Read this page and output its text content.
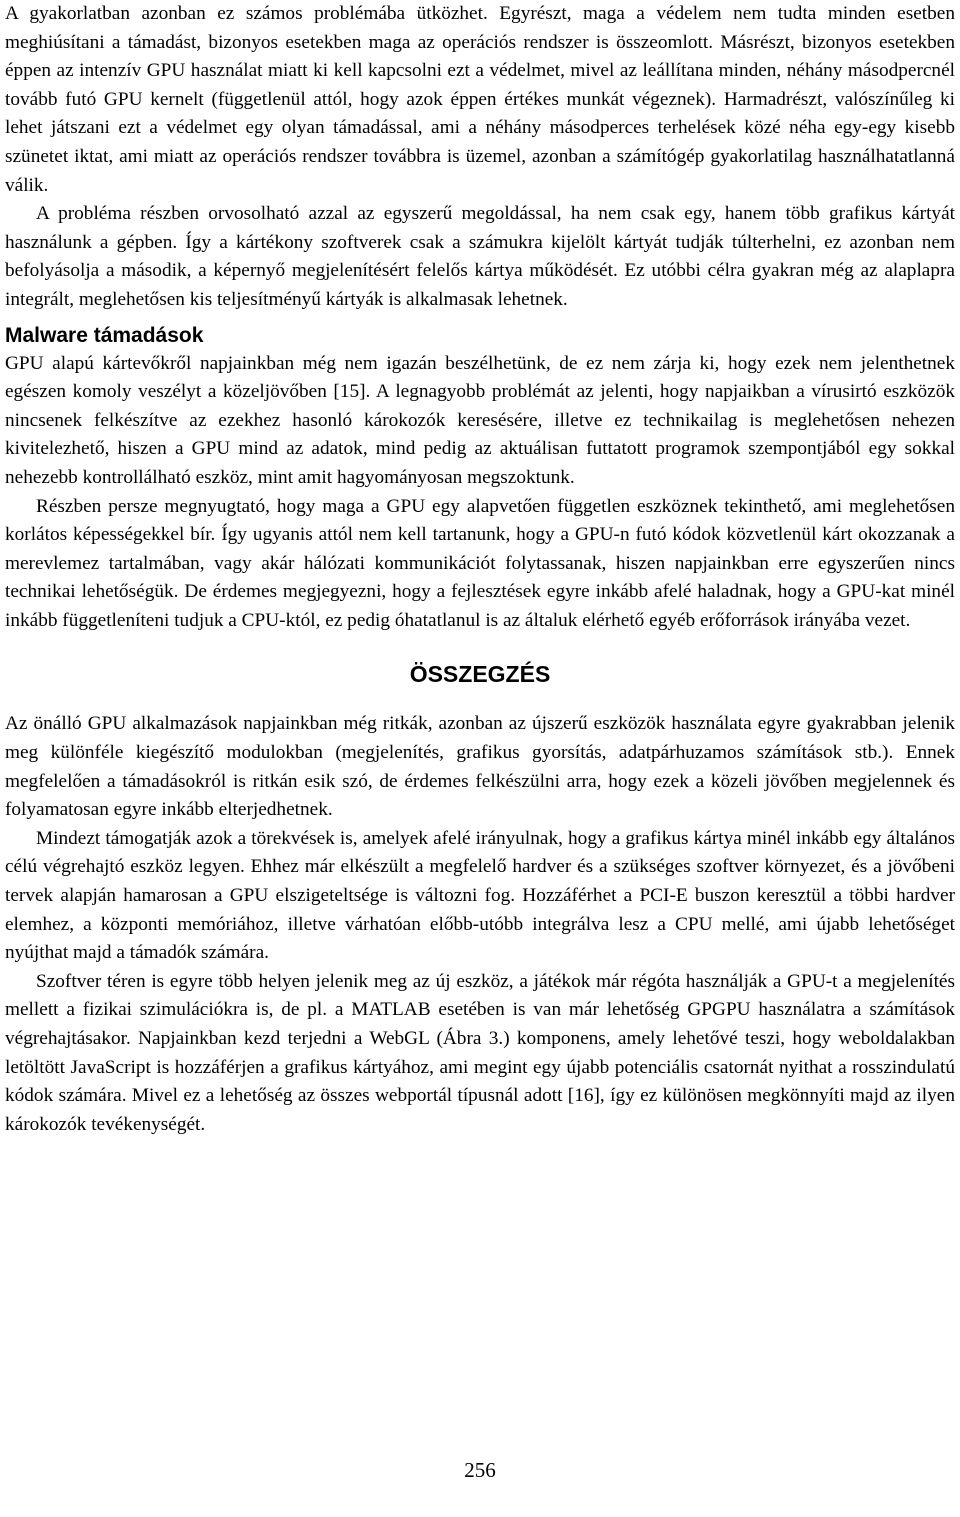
A gyakorlatban azonban ez számos problémába ütközhet. Egyrészt, maga a védelem nem tudta minden esetben meghiúsítani a támadást, bizonyos esetekben maga az operációs rendszer is összeomlott. Másrészt, bizonyos esetekben éppen az intenzív GPU használat miatt ki kell kapcsolni ezt a védelmet, mivel az leállítana minden, néhány másodpercnél tovább futó GPU kernelt (függetlenül attól, hogy azok éppen értékes munkát végeznek). Harmadrészt, valószínűleg ki lehet játszani ezt a védelmet egy olyan támadással, ami a néhány másodperces terhelések közé néha egy-egy kisebb szünetet iktat, ami miatt az operációs rendszer továbbra is üzemel, azonban a számítógép gyakorlatilag használhatatlanná válik.

A probléma részben orvosolható azzal az egyszerű megoldással, ha nem csak egy, hanem több grafikus kártyát használunk a gépben. Így a kártékony szoftverek csak a számukra kijelölt kártyát tudják túlterhelni, ez azonban nem befolyásolja a második, a képernyő megjelenítésért felelős kártya működését. Ez utóbbi célra gyakran még az alaplapra integrált, meglehetősen kis teljesítményű kártyák is alkalmasak lehetnek.

Malware támadások

GPU alapú kártevőkről napjainkban még nem igazán beszélhetünk, de ez nem zárja ki, hogy ezek nem jelenthetnek egészen komoly veszélyt a közeljövőben [15]. A legnagyobb problémát az jelenti, hogy napjaikban a vírusirtó eszközök nincsenek felkészítve az ezekhez hasonló károkozók keresésére, illetve ez technikailag is meglehetősen nehezen kivitelezhető, hiszen a GPU mind az adatok, mind pedig az aktuálisan futtatott programok szempontjából egy sokkal nehezebb kontrollálható eszköz, mint amit hagyományosan megszoktunk.

Részben persze megnyugtató, hogy maga a GPU egy alapvetően független eszköznek tekinthető, ami meglehetősen korlátos képességekkel bír. Így ugyanis attól nem kell tartanunk, hogy a GPU-n futó kódok közvetlenül kárt okozzanak a merevlemez tartalmában, vagy akár hálózati kommunikációt folytassanak, hiszen napjainkban erre egyszerűen nincs technikai lehetőségük. De érdemes megjegyezni, hogy a fejlesztések egyre inkább afelé haladnak, hogy a GPU-kat minél inkább függetleníteni tudjuk a CPU-któl, ez pedig óhatatlanul is az általuk elérhető egyéb erőforrások irányába vezet.

ÖSSZEGZÉS

Az önálló GPU alkalmazások napjainkban még ritkák, azonban az újszerű eszközök használata egyre gyakrabban jelenik meg különféle kiegészítő modulokban (megjelenítés, grafikus gyorsítás, adatpárhuzamos számítások stb.). Ennek megfelelően a támadásokról is ritkán esik szó, de érdemes felkészülni arra, hogy ezek a közeli jövőben megjelennek és folyamatosan egyre inkább elterjedhetnek.

Mindezt támogatják azok a törekvések is, amelyek afelé irányulnak, hogy a grafikus kártya minél inkább egy általános célú végrehajtó eszköz legyen. Ehhez már elkészült a megfelelő hardver és a szükséges szoftver környezet, és a jövőbeni tervek alapján hamarosan a GPU elszigeteltsége is változni fog. Hozzáférhet a PCI-E buszon keresztül a többi hardver elemhez, a központi memóriához, illetve várhatóan előbb-utóbb integrálva lesz a CPU mellé, ami újabb lehetőséget nyújthat majd a támadók számára.

Szoftver téren is egyre több helyen jelenik meg az új eszköz, a játékok már régóta használják a GPU-t a megjelenítés mellett a fizikai szimulációkra is, de pl. a MATLAB esetében is van már lehetőség GPGPU használatra a számítások végrehajtásakor. Napjainkban kezd terjedni a WebGL (Ábra 3.) komponens, amely lehetővé teszi, hogy weboldalakban letöltött JavaScript is hozzáférjen a grafikus kártyához, ami megint egy újabb potenciális csatornát nyithat a rosszindulatú kódok számára. Mivel ez a lehetőség az összes webportál típusnál adott [16], így ez különösen megkönnyíti majd az ilyen károkozók tevékenységét.

256
